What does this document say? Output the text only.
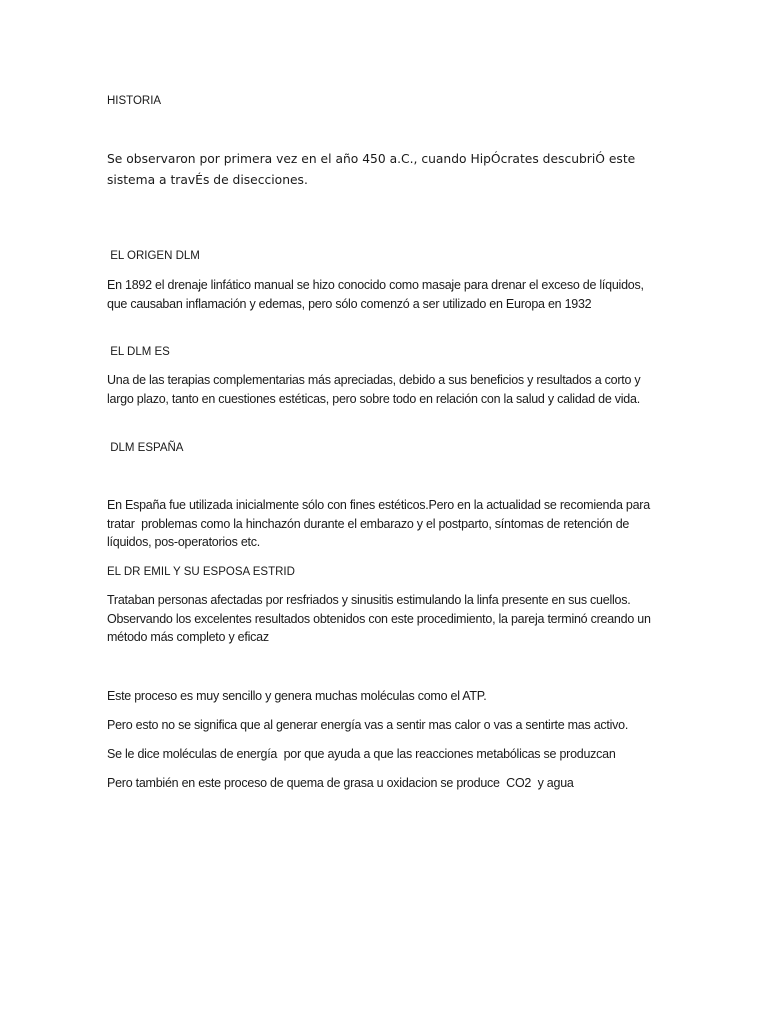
HISTORIA

Se observaron por primera vez en el año 450 a.C., cuando HipÓcrates descubriÓ este sistema a travÉs de disecciones.

EL ORIGEN DLM

En 1892 el drenaje linfático manual se hizo conocido como masaje para drenar el exceso de líquidos, que causaban inflamación y edemas, pero sólo comenzó a ser utilizado en Europa en 1932

EL DLM ES

Una de las terapias complementarias más apreciadas, debido a sus beneficios y resultados a corto y largo plazo, tanto en cuestiones estéticas, pero sobre todo en relación con la salud y calidad de vida.

DLM ESPAÑA

En España fue utilizada inicialmente sólo con fines estéticos.Pero en la actualidad se recomienda para tratar  problemas como la hinchazón durante el embarazo y el postparto, síntomas de retención de líquidos, pos-operatorios etc.

EL DR EMIL Y SU ESPOSA ESTRID

Trataban personas afectadas por resfriados y sinusitis estimulando la linfa presente en sus cuellos. Observando los excelentes resultados obtenidos con este procedimiento, la pareja terminó creando un método más completo y eficaz

Este proceso es muy sencillo y genera muchas moléculas como el ATP.

Pero esto no se significa que al generar energía vas a sentir mas calor o vas a sentirte mas activo.

Se le dice moléculas de energía  por que ayuda a que las reacciones metabólicas se produzcan

Pero también en este proceso de quema de grasa u oxidacion se produce  CO2  y agua
